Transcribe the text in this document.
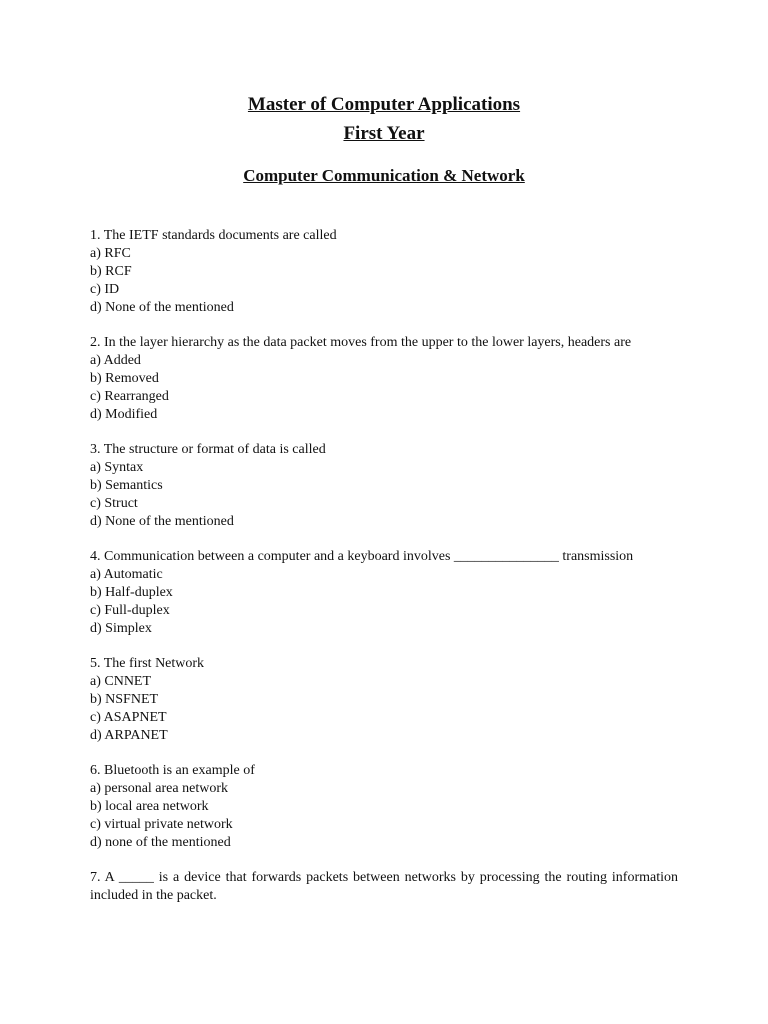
Master of Computer Applications

First Year

Computer Communication & Network

1. The IETF standards documents are called

a) RFC

b) RCF

c) ID

d) None of the mentioned

2. In the layer hierarchy as the data packet moves from the upper to the lower layers, headers are

a) Added

b) Removed

c) Rearranged

d) Modified

3. The structure or format of data is called

a) Syntax

b) Semantics

c) Struct

d) None of the mentioned

4. Communication between a computer and a keyboard involves _______________ transmission

a) Automatic

b) Half-duplex

c) Full-duplex

d) Simplex

5. The first Network

a) CNNET

b) NSFNET

c) ASAPNET

d) ARPANET

6. Bluetooth is an example of

a) personal area network

b) local area network

c) virtual private network

d) none of the mentioned

7. A _____ is a device that forwards packets between networks by processing the routing information included in the packet.
